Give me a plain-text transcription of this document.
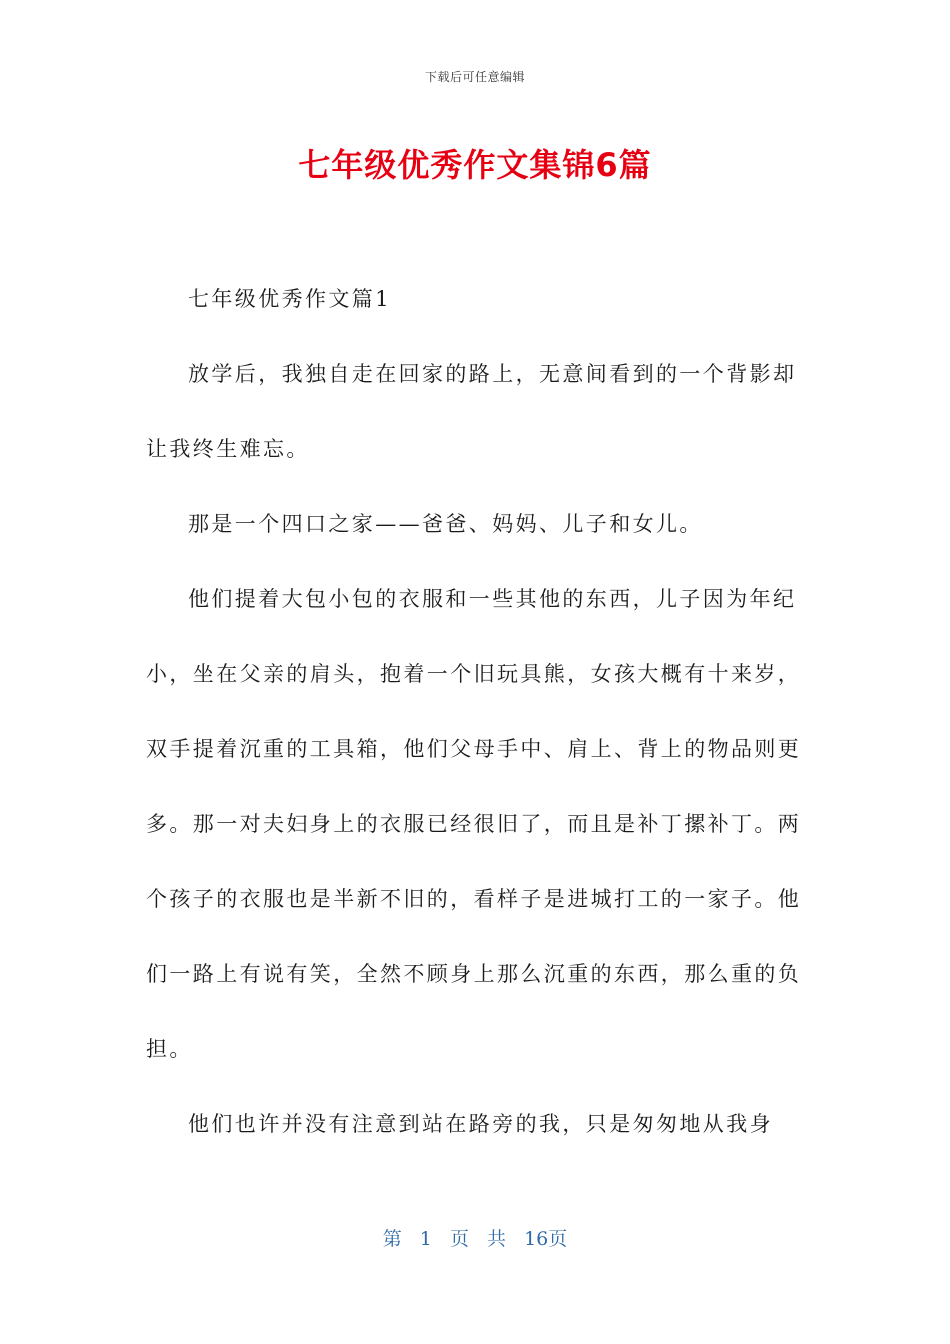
下载后可任意编辑
七年级优秀作文集锦6篇

七年级优秀作文篇1

放学后，我独自走在回家的路上，无意间看到的一个背影却让我终生难忘。

那是一个四口之家——爸爸、妈妈、儿子和女儿。

他们提着大包小包的衣服和一些其他的东西，儿子因为年纪小，坐在父亲的肩头，抱着一个旧玩具熊，女孩大概有十来岁，双手提着沉重的工具箱，他们父母手中、肩上、背上的物品则更多。那一对夫妇身上的衣服已经很旧了，而且是补丁摞补丁。两个孩子的衣服也是半新不旧的，看样子是进城打工的一家子。他们一路上有说有笑，全然不顾身上那么沉重的东西，那么重的负担。

他们也许并没有注意到站在路旁的我，只是匆匆地从我身

第 1 页 共 16页
